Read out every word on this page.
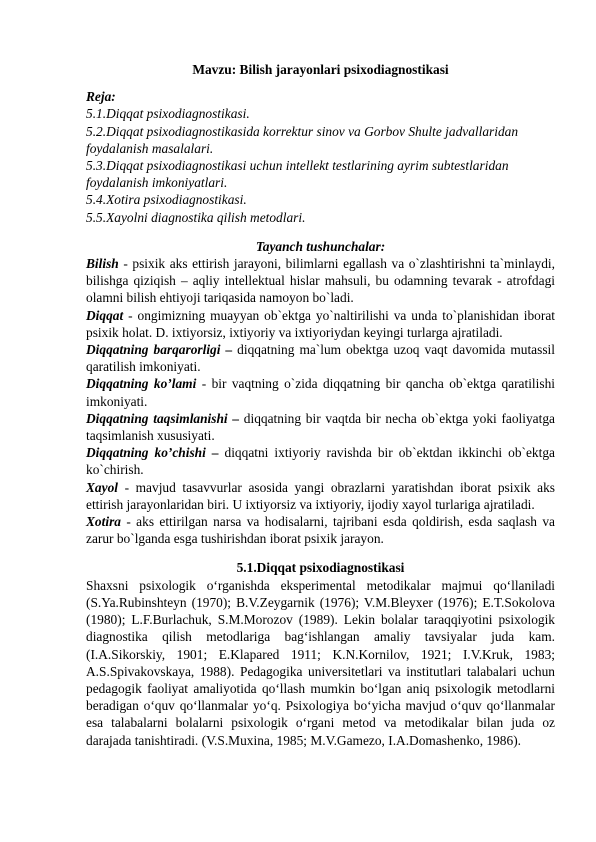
Mavzu: Bilish jarayonlari psixodiagnostikasi

Reja:

5.1.Diqqat psixodiagnostikasi.

5.2.Diqqat psixodiagnostikasida korrektur sinov va Gorbov Shulte jadvallaridan foydalanish masalalari.

5.3.Diqqat psixodiagnostikasi uchun intellekt testlarining ayrim subtestlaridan foydalanish imkoniyatlari.

5.4.Xotira psixodiagnostikasi.

5.5.Xayolni diagnostika qilish metodlari.

Tayanch tushunchalar:

Bilish - psixik aks ettirish jarayoni, bilimlarni egallash va o`zlashtirishni ta`minlaydi, bilishga qiziqish – aqliy intellektual hislar mahsuli, bu odamning tevarak - atrofdagi olamni bilish ehtiyoji tariqasida namoyon bo`ladi.

Diqqat - ongimizning muayyan ob`ektga yo`naltirilishi va unda to`planishidan iborat psixik holat. D. ixtiyorsiz, ixtiyoriy va ixtiyoriydan keyingi turlarga ajratiladi.

Diqqatning barqarorligi – diqqatning ma`lum obektga uzoq vaqt davomida mutassil qaratilish imkoniyati.

Diqqatning ko’lami - bir vaqtning o`zida diqqatning bir qancha ob`ektga qaratilishi imkoniyati.

Diqqatning taqsimlanishi – diqqatning bir vaqtda bir necha ob`ektga yoki faoliyatga taqsimlanish xususiyati.

Diqqatning ko’chishi – diqqatni ixtiyoriy ravishda bir ob`ektdan ikkinchi ob`ektga ko`chirish.

Xayol - mavjud tasavvurlar asosida yangi obrazlarni yaratishdan iborat psixik aks ettirish jarayonlaridan biri. U ixtiyorsiz va ixtiyoriy, ijodiy xayol turlariga ajratiladi.

Xotira - aks ettirilgan narsa va hodisalarni, tajribani esda qoldirish, esda saqlash va zarur bo`lganda esga tushirishdan iborat psixik jarayon.

5.1.Diqqat psixodiagnostikasi

Shaxsni psixologik o‘rganishda eksperimental metodikalar majmui qo‘llaniladi (S.Ya.Rubinshteyn (1970); B.V.Zeygarnik (1976); V.M.Bleyxer (1976); E.T.Sokolova (1980); L.F.Burlachuk, S.M.Morozov (1989). Lekin bolalar taraqqiyotini psixologik diagnostika qilish metodlariga bag‘ishlangan amaliy tavsiyalar juda kam. (I.A.Sikorskiy, 1901; E.Klapared 1911; K.N.Kornilov, 1921; I.V.Kruk, 1983; A.S.Spivakovskaya, 1988). Pedagogika universitetlari va institutlari talabalari uchun pedagogik faoliyat amaliyotida qo‘llash mumkin bo‘lgan aniq psixologik metodlarni beradigan o‘quv qo‘llanmalar yo‘q. Psixologiya bo‘yicha mavjud o‘quv qo‘llanmalar esa talabalarni bolalarni psixologik o‘rgani metod va metodikalar bilan juda oz darajada tanishtiradi. (V.S.Muxina, 1985; M.V.Gamezo, I.A.Domashenko, 1986).
